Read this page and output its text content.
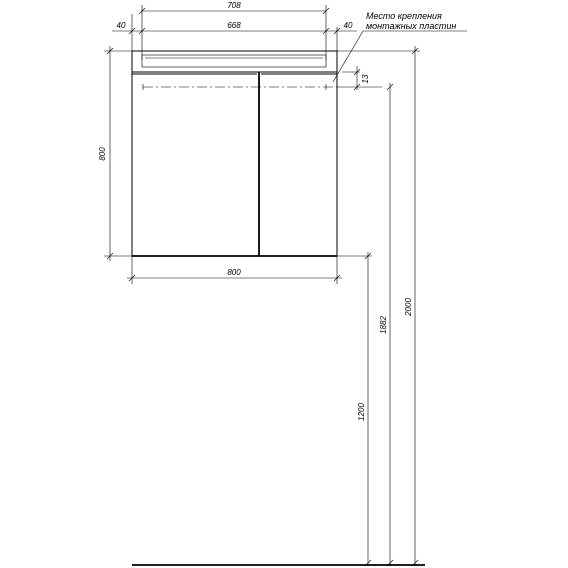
708
668
40	40
Место крепления
монтажных пластин
13
800
800
1200
1882
2000
